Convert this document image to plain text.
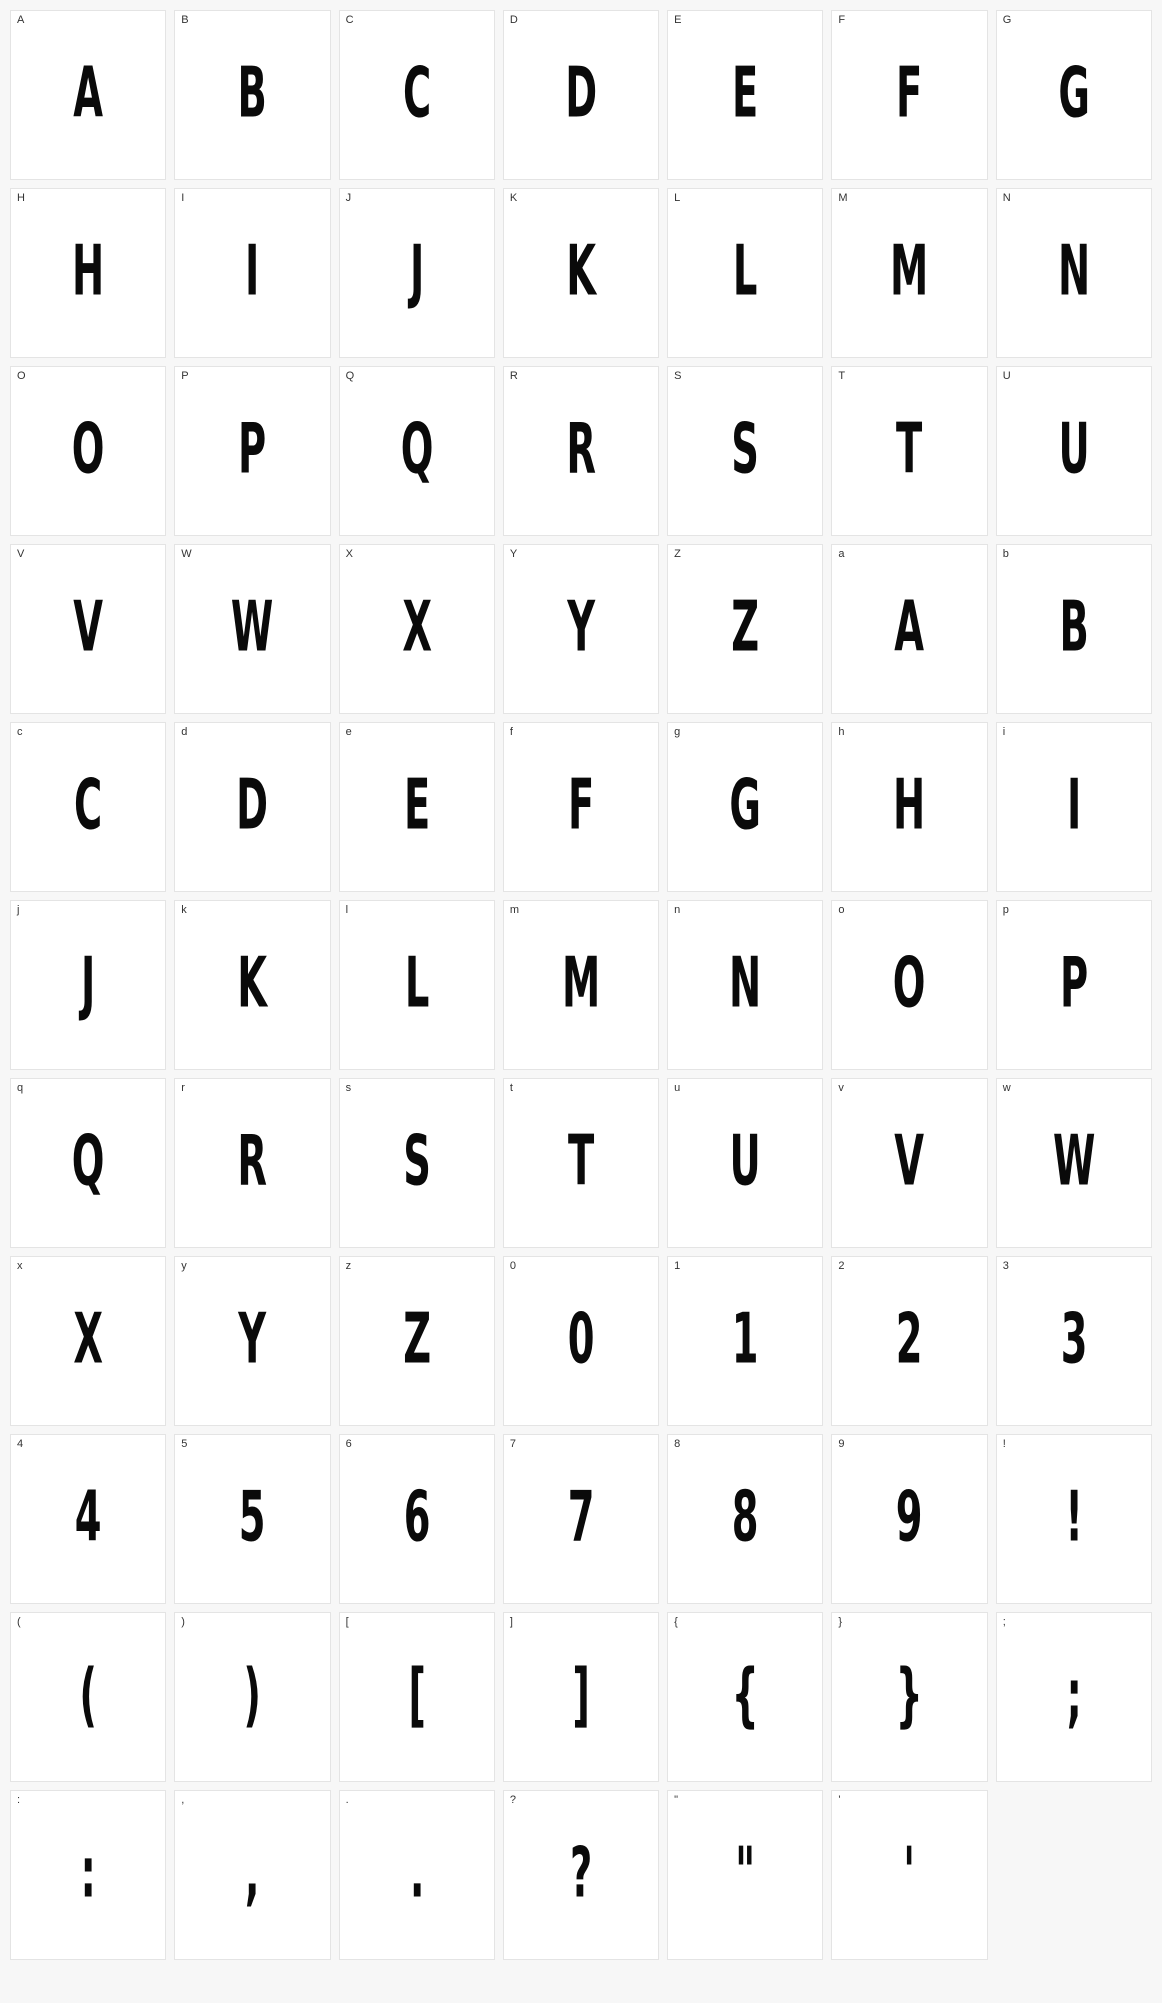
A
A
B
B
C
C
D
D
E
E
F
F
G
G
H
H
I
I
J
J
K
K
L
L
M
M
N
N
O
O
P
P
Q
Q
R
R
S
S
T
T
U
U
V
V
W
W
X
X
Y
Y
Z
Z
a
A
b
B
c
C
d
D
e
E
f
F
g
G
h
H
i
I
j
J
k
K
l
L
m
M
n
N
o
O
p
P
q
Q
r
R
s
S
t
T
u
U
v
V
w
W
x
X
y
Y
z
Z
0
0
1
1
2
2
3
3
4
4
5
5
6
6
7
7
8
8
9
9
!
!
(
(
)
)
[
[
]
]
{
{
}
}
;
;
:
:
,
,
.
.
?
?
"
"
'
'
